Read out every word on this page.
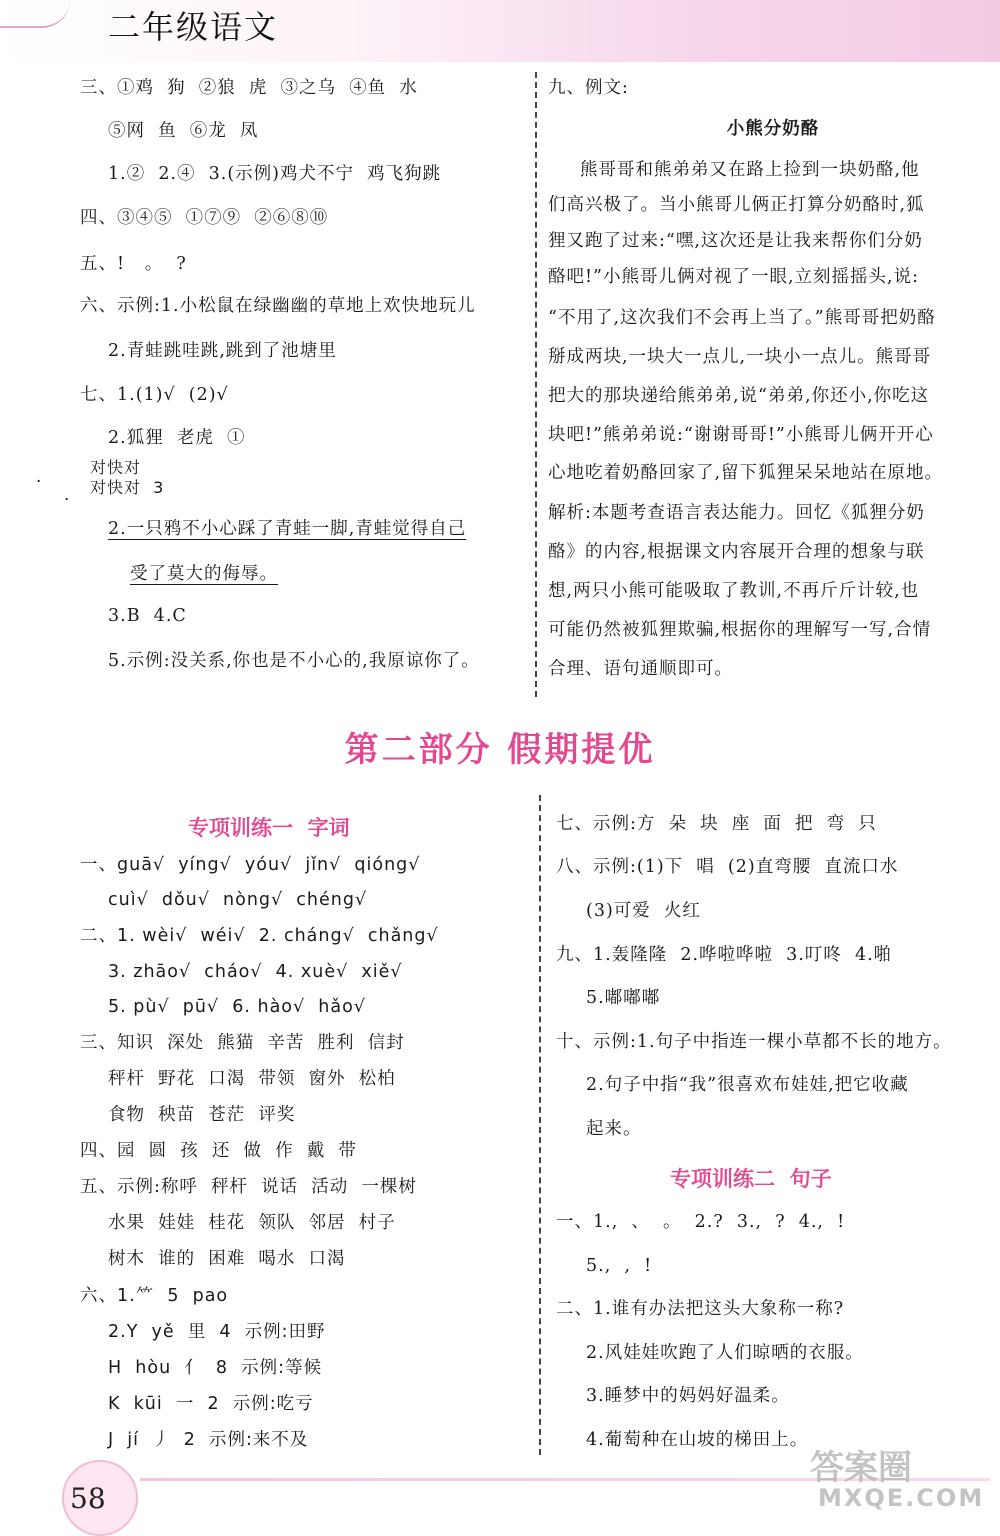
二年级语文
三、①鸡  狗  ②狼  虎  ③之乌  ④鱼  水
⑤网  鱼  ⑥龙  凤
1.②  2.④  3.(示例)鸡犬不宁  鸡飞狗跳
四、③④⑤  ①⑦⑨  ②⑥⑧⑩
五、!   。  ?
六、示例:1.小松鼠在绿幽幽的草地上欢快地玩儿
2.青蛙跳哇跳,跳到了池塘里
七、1.(1)√  (2)√
2.狐狸  老虎  ①
对快对
对快对  3
2.一只鸦不小心踩了青蛙一脚,青蛙觉得自己
受了莫大的侮辱。
3.B  4.C
5.示例:没关系,你也是不小心的,我原谅你了。
·
·
九、例文:
小熊分奶酪
熊哥哥和熊弟弟又在路上捡到一块奶酪,他
们高兴极了。当小熊哥儿俩正打算分奶酪时,狐
狸又跑了过来:“嘿,这次还是让我来帮你们分奶
酪吧!”小熊哥儿俩对视了一眼,立刻摇摇头,说:
“不用了,这次我们不会再上当了。”熊哥哥把奶酪
掰成两块,一块大一点儿,一块小一点儿。熊哥哥
把大的那块递给熊弟弟,说“弟弟,你还小,你吃这
块吧!”熊弟弟说:“谢谢哥哥!”小熊哥儿俩开开心
心地吃着奶酪回家了,留下狐狸呆呆地站在原地。
解析:本题考查语言表达能力。回忆《狐狸分奶
酪》的内容,根据课文内容展开合理的想象与联
想,两只小熊可能吸取了教训,不再斤斤计较,也
可能仍然被狐狸欺骗,根据你的理解写一写,合情
合理、语句通顺即可。
第二部分 假期提优
专项训练一  字词
一、guā√  yíng√  yóu√  jǐn√  qióng√
cuì√  dǒu√  nòng√  chéng√
二、1. wèi√  wéi√  2. cháng√  chǎng√
3. zhāo√  cháo√  4. xuè√  xiě√
5. pù√  pū√  6. hào√  hǎo√
三、知识  深处  熊猫  辛苦  胜利  信封
秤杆  野花  口渴  带领  窗外  松柏
食物  秧苗  苍茫  评奖
四、园  圆  孩  还  做  作  戴  带
五、示例:称呼  秤杆  说话  活动  一棵树
水果  娃娃  桂花  领队  邻居  村子
树木  谁的  困难  喝水  口渴
六、1.⺮  5  pao
2.Y  yě  里  4  示例:田野
H  hòu  亻  8  示例:等候
K  kūi  一  2  示例:吃亏
J  jí  丿  2  示例:来不及
七、示例:方  朵  块  座  面  把  弯  只
八、示例:(1)下  唱  (2)直弯腰  直流口水
(3)可爱  火红
九、1.轰隆隆  2.哗啦哗啦  3.叮咚  4.啪
5.嘟嘟嘟
十、示例:1.句子中指连一棵小草都不长的地方。
2.句子中指“我”很喜欢布娃娃,把它收藏
起来。
专项训练二  句子
一、1.,  、  。  2.?  3.,  ?  4.,  !
5.,  ,  !
二、1.谁有办法把这头大象称一称?
2.风娃娃吹跑了人们晾晒的衣服。
3.睡梦中的妈妈好温柔。
4.葡萄种在山坡的梯田上。
58
答案圈
MXQE.COM
